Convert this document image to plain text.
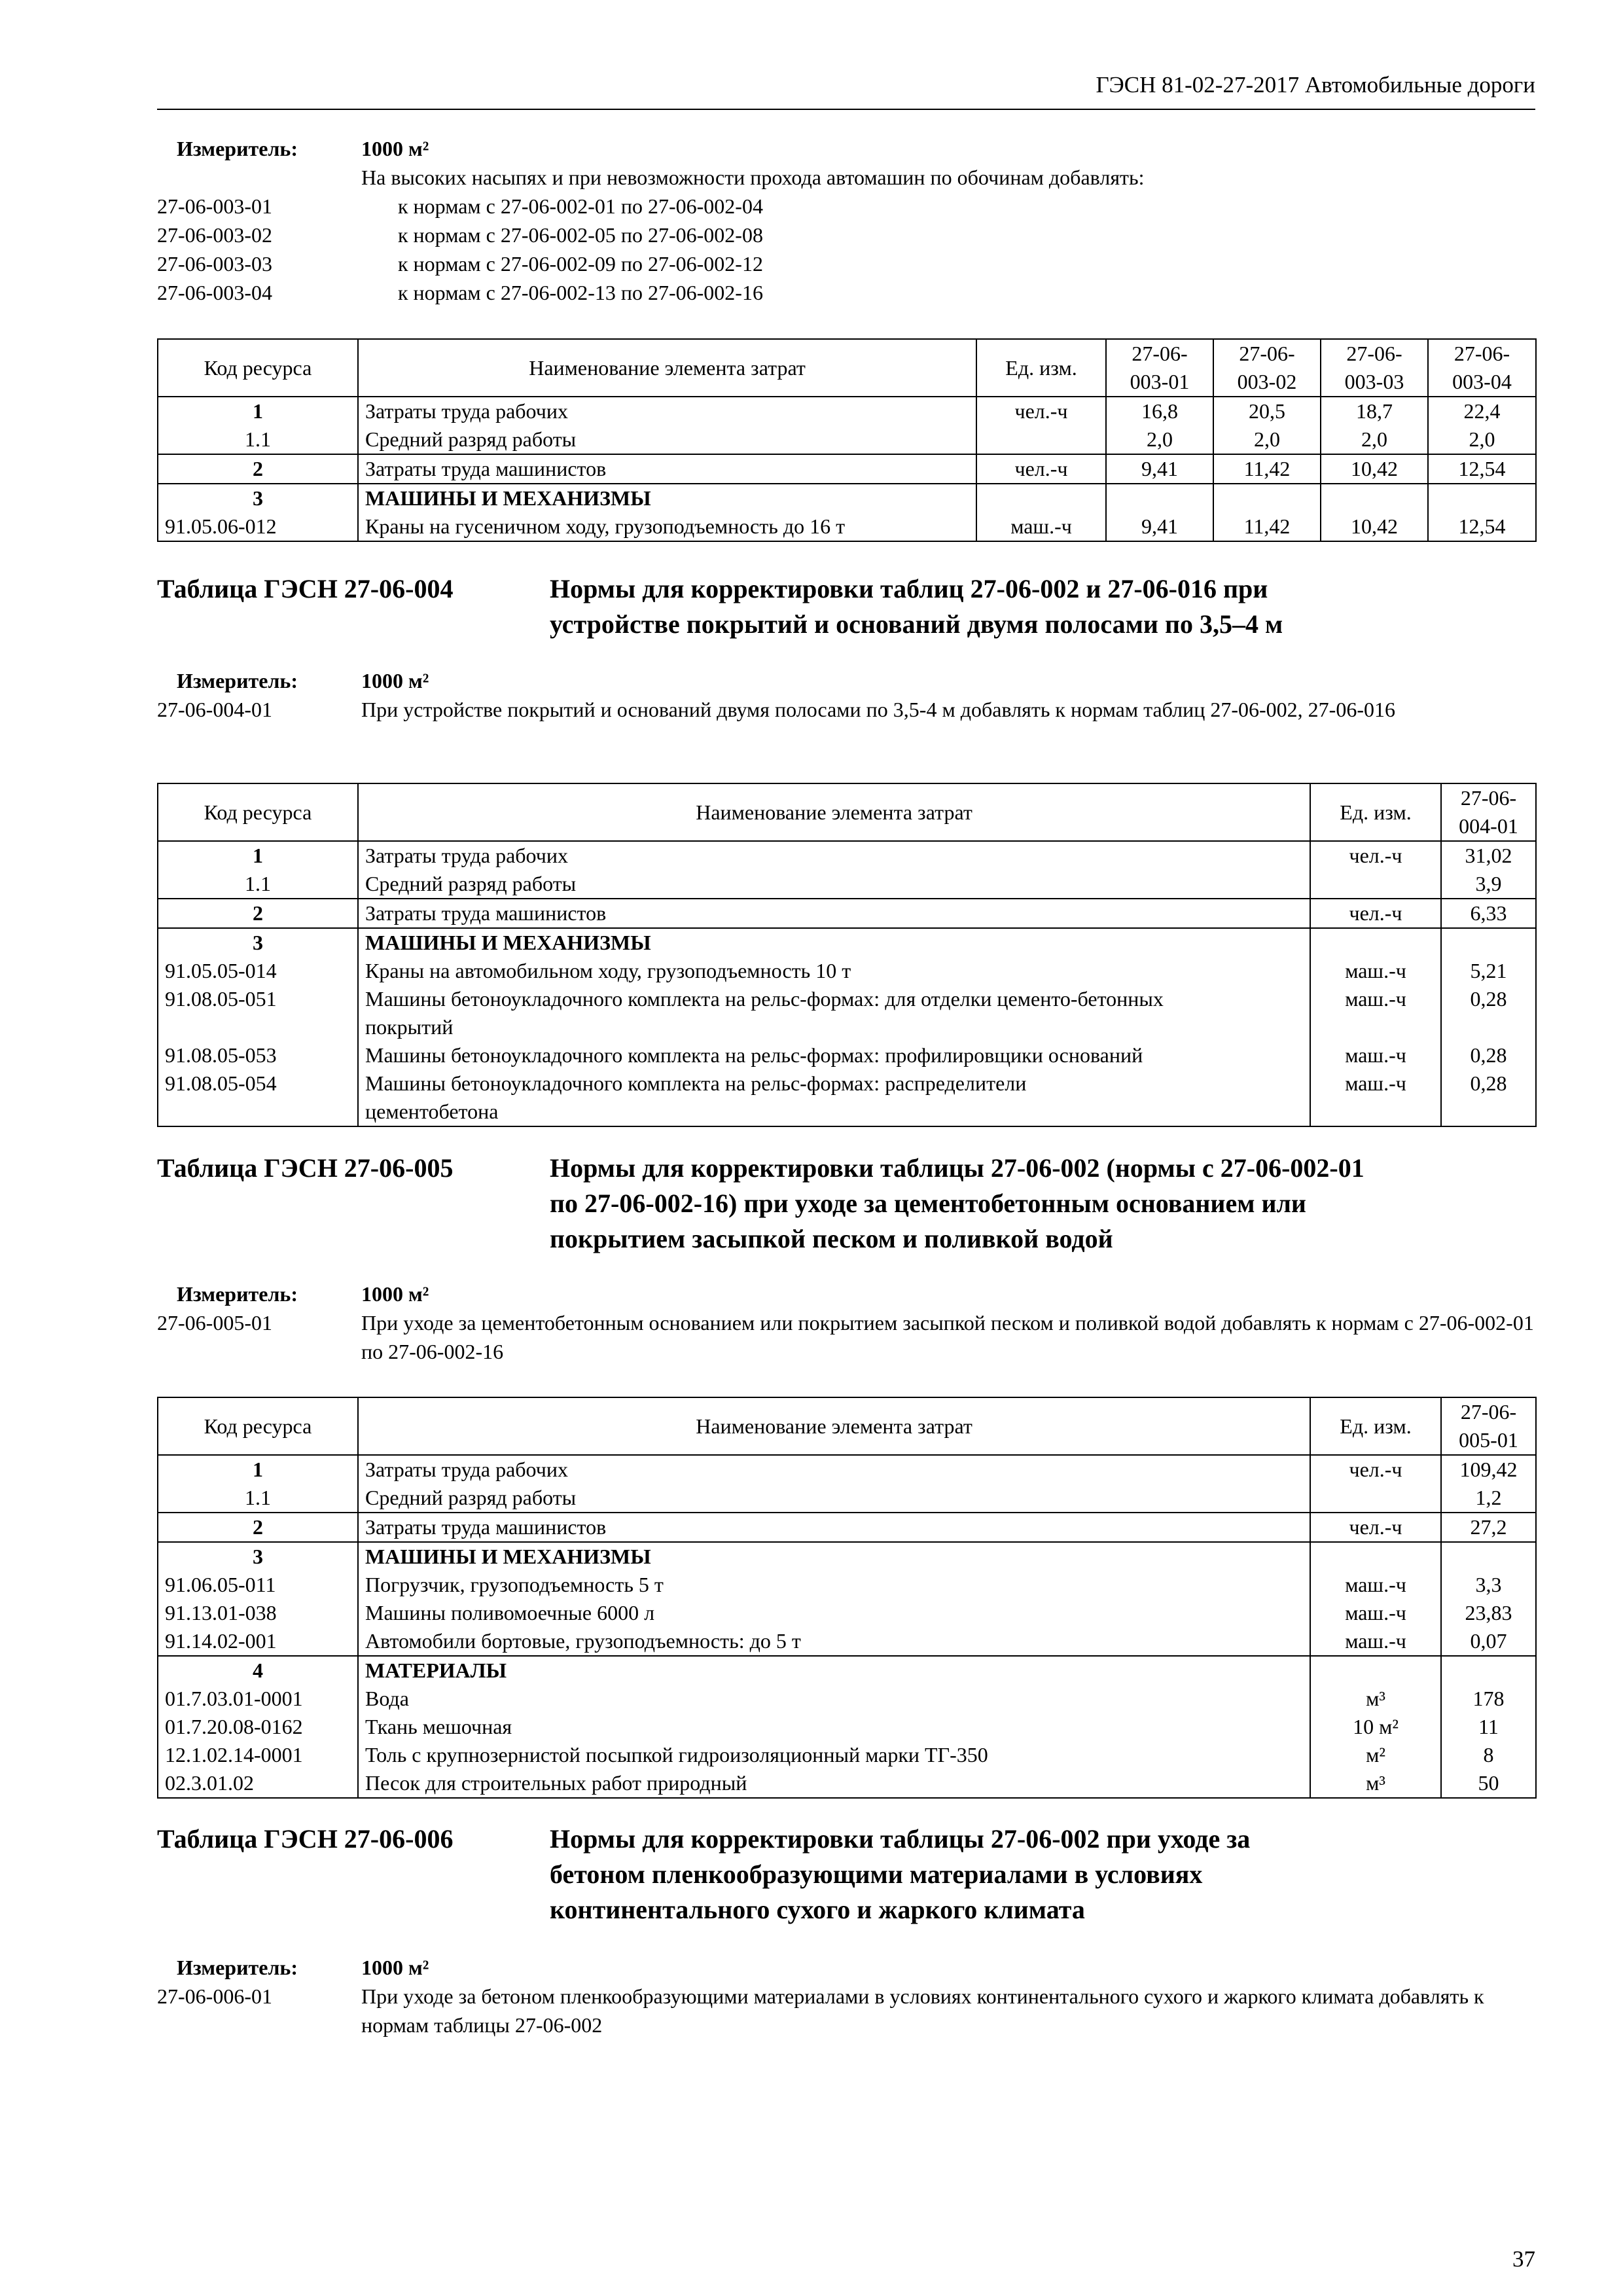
ГЭСН 81-02-27-2017 Автомобильные дороги
Измеритель:	1000 м²
На высоких насыпях и при невозможности прохода автомашин по обочинам добавлять:
27-06-003-01	к нормам с 27-06-002-01 по 27-06-002-04
27-06-003-02	к нормам с 27-06-002-05 по 27-06-002-08
27-06-003-03	к нормам с 27-06-002-09 по 27-06-002-12
27-06-003-04	к нормам с 27-06-002-13 по 27-06-002-16
Код ресурса	Наименование элемента затрат	Ед. изм.	27-06-003-01	27-06-003-02	27-06-003-03	27-06-003-04
1	Затраты труда рабочих	чел.-ч	16,8	20,5	18,7	22,4
1.1	Средний разряд работы		2,0	2,0	2,0	2,0
2	Затраты труда машинистов	чел.-ч	9,41	11,42	10,42	12,54
3	МАШИНЫ И МЕХАНИЗМЫ					
91.05.06-012	Краны на гусеничном ходу, грузоподъемность до 16 т	маш.-ч	9,41	11,42	10,42	12,54
Таблица ГЭСН 27-06-004	Нормы для корректировки таблиц 27-06-002 и 27-06-016 при устройстве покрытий и оснований двумя полосами по 3,5–4 м
Измеритель:	1000 м²
27-06-004-01	При устройстве покрытий и оснований двумя полосами по 3,5-4 м добавлять к нормам таблиц 27-06-002, 27-06-016
Код ресурса	Наименование элемента затрат	Ед. изм.	27-06-004-01
1	Затраты труда рабочих	чел.-ч	31,02
1.1	Средний разряд работы		3,9
2	Затраты труда машинистов	чел.-ч	6,33
3	МАШИНЫ И МЕХАНИЗМЫ		
91.05.05-014	Краны на автомобильном ходу, грузоподъемность 10 т	маш.-ч	5,21
91.08.05-051	Машины бетоноукладочного комплекта на рельс-формах: для отделки цементо-бетонных покрытий	маш.-ч	0,28
91.08.05-053	Машины бетоноукладочного комплекта на рельс-формах: профилировщики оснований	маш.-ч	0,28
91.08.05-054	Машины бетоноукладочного комплекта на рельс-формах: распределители цементобетона	маш.-ч	0,28
Таблица ГЭСН 27-06-005	Нормы для корректировки таблицы 27-06-002 (нормы с 27-06-002-01 по 27-06-002-16) при уходе за цементобетонным основанием или покрытием засыпкой песком и поливкой водой
Измеритель:	1000 м²
27-06-005-01	При уходе за цементобетонным основанием или покрытием засыпкой песком и поливкой водой добавлять к нормам с 27-06-002-01 по 27-06-002-16
Код ресурса	Наименование элемента затрат	Ед. изм.	27-06-005-01
1	Затраты труда рабочих	чел.-ч	109,42
1.1	Средний разряд работы		1,2
2	Затраты труда машинистов	чел.-ч	27,2
3	МАШИНЫ И МЕХАНИЗМЫ		
91.06.05-011	Погрузчик, грузоподъемность 5 т	маш.-ч	3,3
91.13.01-038	Машины поливомоечные 6000 л	маш.-ч	23,83
91.14.02-001	Автомобили бортовые, грузоподъемность: до 5 т	маш.-ч	0,07
4	МАТЕРИАЛЫ		
01.7.03.01-0001	Вода	м³	178
01.7.20.08-0162	Ткань мешочная	10 м²	11
12.1.02.14-0001	Толь с крупнозернистой посыпкой гидроизоляционный марки ТГ-350	м²	8
02.3.01.02	Песок для строительных работ природный	м³	50
Таблица ГЭСН 27-06-006	Нормы для корректировки таблицы 27-06-002 при уходе за бетоном пленкообразующими материалами в условиях континентального сухого и жаркого климата
Измеритель:	1000 м²
27-06-006-01	При уходе за бетоном пленкообразующими материалами в условиях континентального сухого и жаркого климата добавлять к нормам таблицы 27-06-002
37
